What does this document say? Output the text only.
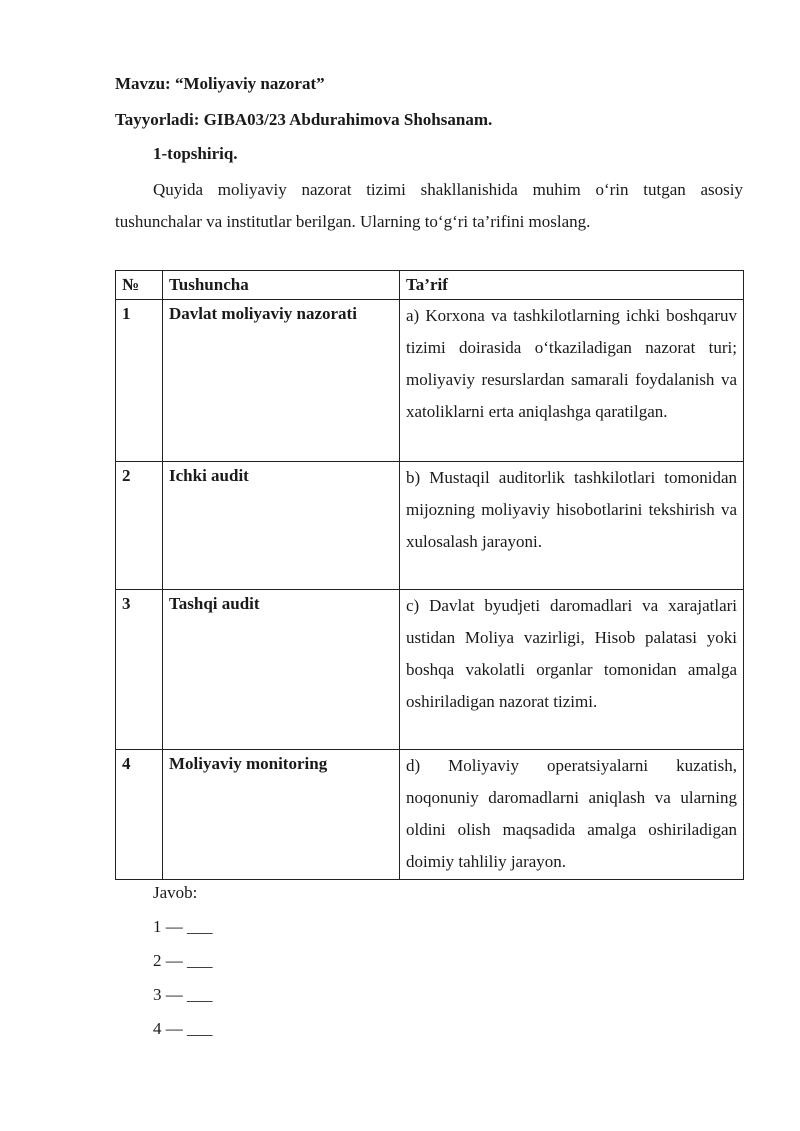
Mavzu: “Moliyaviy nazorat”
Tayyorladi: GIBA03/23 Abdurahimova Shohsanam.
1-topshiriq.
Quyida moliyaviy nazorat tizimi shakllanishida muhim o‘rin tutgan asosiy tushunchalar va institutlar berilgan. Ularning to‘g‘ri ta’rifini moslang.
№	Tushuncha	Ta’rif
1	Davlat moliyaviy nazorati	a) Korxona va tashkilotlarning ichki boshqaruv tizimi doirasida o‘tkaziladigan nazorat turi; moliyaviy resurslardan samarali foydalanish va xatoliklarni erta aniqlashga qaratilgan.
2	Ichki audit	b) Mustaqil auditorlik tashkilotlari tomonidan mijozning moliyaviy hisobotlarini tekshirish va xulosalash jarayoni.
3	Tashqi audit	c) Davlat byudjeti daromadlari va xarajatlari ustidan Moliya vazirligi, Hisob palatasi yoki boshqa vakolatli organlar tomonidan amalga oshiriladigan nazorat tizimi.
4	Moliyaviy monitoring	d) Moliyaviy operatsiyalarni kuzatish, noqonuniy daromadlarni aniqlash va ularning oldini olish maqsadida amalga oshiriladigan doimiy tahliliy jarayon.
Javob:
1 — ___
2 — ___
3 — ___
4 — ___
